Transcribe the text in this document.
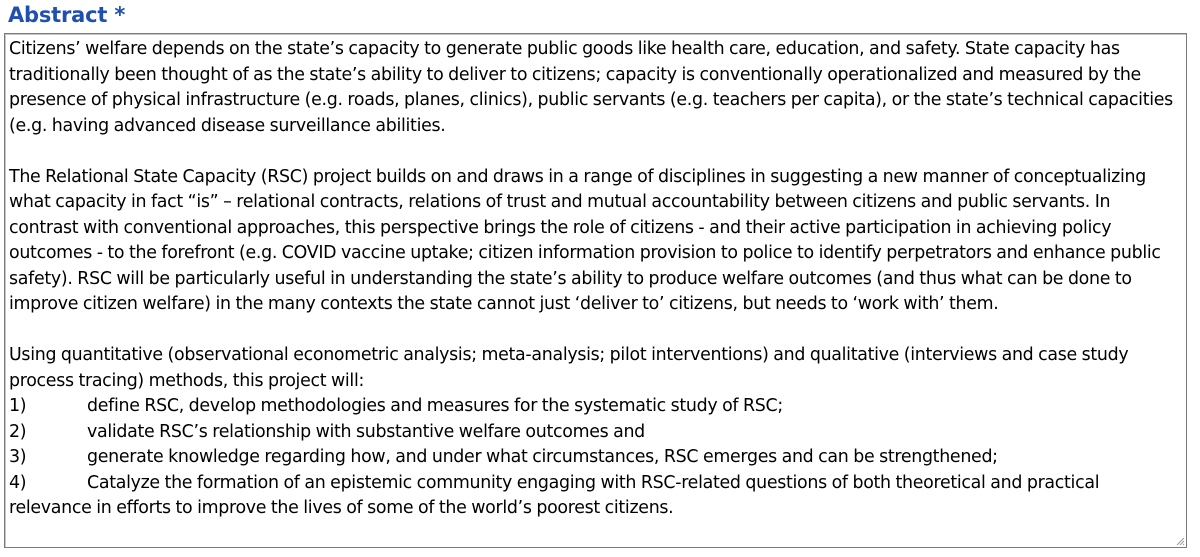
Abstract *
Citizens’ welfare depends on the state’s capacity to generate public goods like health care, education, and safety. State capacity has traditionally been thought of as the state’s ability to deliver to citizens; capacity is conventionally operationalized and measured by the presence of physical infrastructure (e.g. roads, planes, clinics), public servants (e.g. teachers per capita), or the state’s technical capacities (e.g. having advanced disease surveillance abilities.
The Relational State Capacity (RSC) project builds on and draws in a range of disciplines in suggesting a new manner of conceptualizing what capacity in fact “is” – relational contracts, relations of trust and mutual accountability between citizens and public servants. In contrast with conventional approaches, this perspective brings the role of citizens - and their active participation in achieving policy outcomes - to the forefront (e.g. COVID vaccine uptake; citizen information provision to police to identify perpetrators and enhance public safety). RSC will be particularly useful in understanding the state’s ability to produce welfare outcomes (and thus what can be done to improve citizen welfare) in the many contexts the state cannot just ‘deliver to’ citizens, but needs to ‘work with’ them.
Using quantitative (observational econometric analysis; meta-analysis; pilot interventions) and qualitative (interviews and case study process tracing) methods, this project will:
1)	define RSC, develop methodologies and measures for the systematic study of RSC;
2)	validate RSC’s relationship with substantive welfare outcomes and
3)	generate knowledge regarding how, and under what circumstances, RSC emerges and can be strengthened;
4)	Catalyze the formation of an epistemic community engaging with RSC-related questions of both theoretical and practical relevance in efforts to improve the lives of some of the world’s poorest citizens.
